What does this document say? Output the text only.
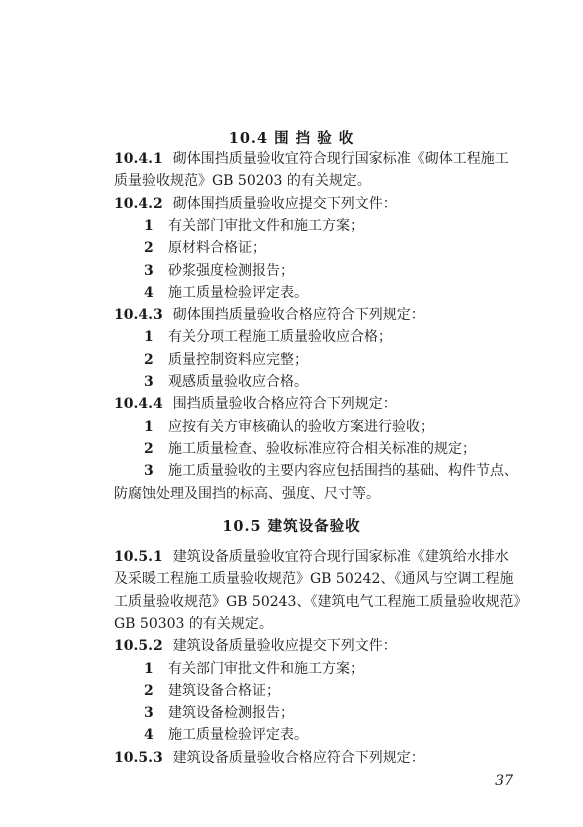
37
10.4 围 挡 验 收
10.4.1 砌体围挡质量验收宜符合现行国家标准《砌体工程施工
质量验收规范》GB 50203 的有关规定。
10.4.2 砌体围挡质量验收应提交下列文件：
1 有关部门审批文件和施工方案；
2 原材料合格证；
3 砂浆强度检测报告；
4 施工质量检验评定表。
10.4.3 砌体围挡质量验收合格应符合下列规定：
1 有关分项工程施工质量验收应合格；
2 质量控制资料应完整；
3 观感质量验收应合格。
10.4.4 围挡质量验收合格应符合下列规定：
1 应按有关方审核确认的验收方案进行验收；
2 施工质量检查、验收标准应符合相关标准的规定；
3 施工质量验收的主要内容应包括围挡的基础、构件节点、
防腐蚀处理及围挡的标高、强度、尺寸等。
10.5 建筑设备验收
10.5.1 建筑设备质量验收宜符合现行国家标准《建筑给水排水
及采暖工程施工质量验收规范》GB 50242、《通风与空调工程施
工质量验收规范》GB 50243、《建筑电气工程施工质量验收规范》
GB 50303 的有关规定。
10.5.2 建筑设备质量验收应提交下列文件：
1 有关部门审批文件和施工方案；
2 建筑设备合格证；
3 建筑设备检测报告；
4 施工质量检验评定表。
10.5.3 建筑设备质量验收合格应符合下列规定：
